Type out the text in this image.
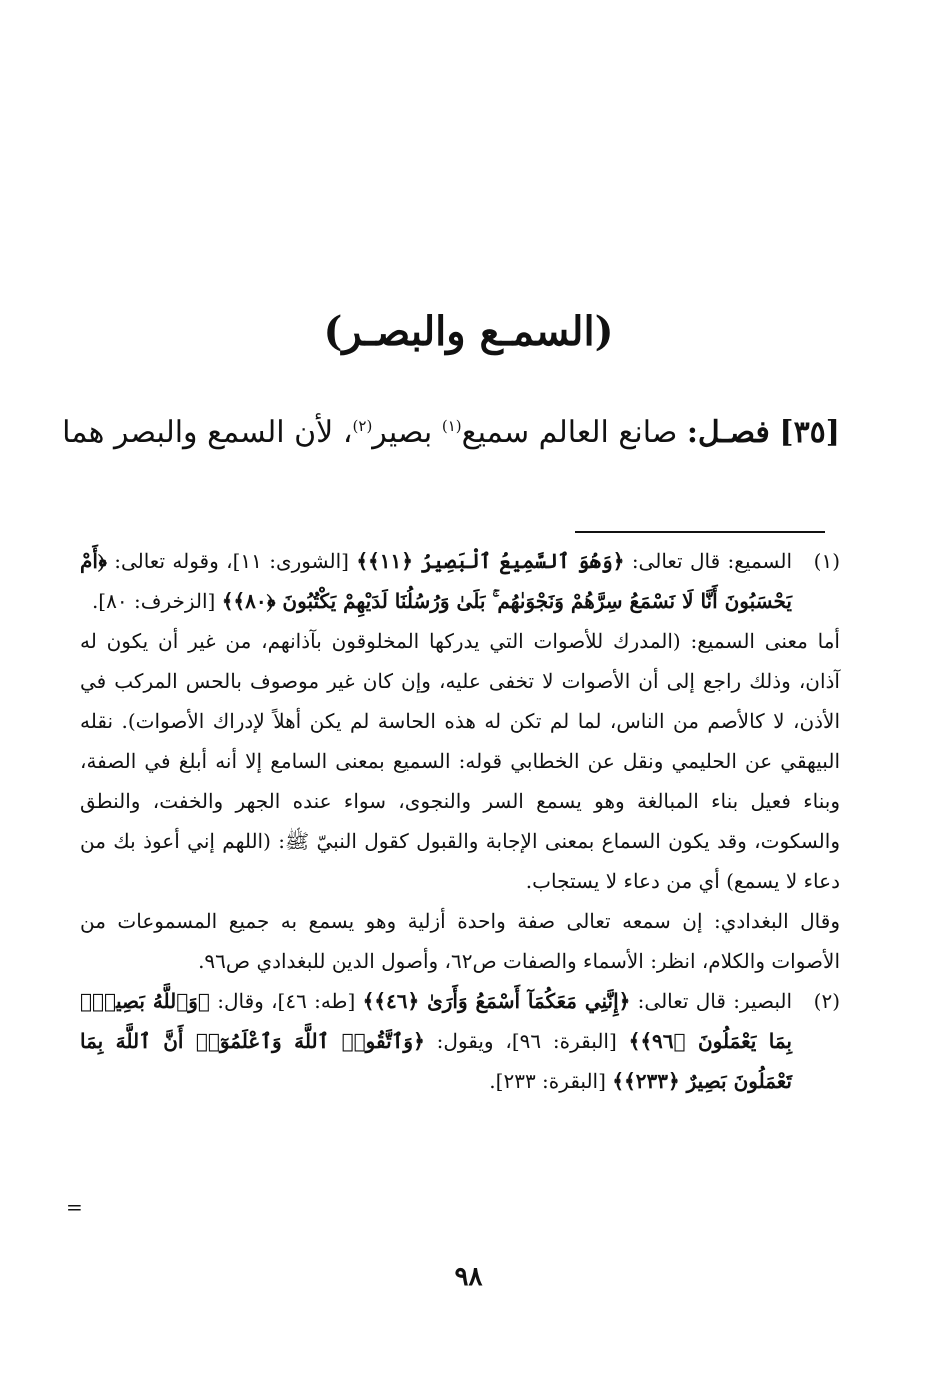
(السمـع والبصـر)
[٣٥] فصـل: صانع العالم سميع$^{(١)}$ بصير$^{(٢)}$، لأن السمع والبصر هما
(١)
السميع: قال تعالى: ﴿وَهُوَ ٱلسَّمِيعُ ٱلْبَصِيرُ ﴿١١﴾﴾ [الشورى: ١١]، وقوله تعالى: ﴿أَمْ يَحْسَبُونَ أَنَّا لَا نَسْمَعُ سِرَّهُمْ وَنَجْوَىٰهُم ۚ بَلَىٰ وَرُسُلُنَا لَدَيْهِمْ يَكْتُبُونَ ﴿٨٠﴾﴾ [الزخرف: ٨٠].
أما معنى السميع: (المدرك للأصوات التي يدركها المخلوقون بآذانهم، من غير أن يكون له آذان، وذلك راجع إلى أن الأصوات لا تخفى عليه، وإن كان غير موصوف بالحس المركب في الأذن، لا كالأصم من الناس، لما لم تكن له هذه الحاسة لم يكن أهلاً لإدراك الأصوات). نقله البيهقي عن الحليمي ونقل عن الخطابي قوله: السميع بمعنى السامع إلا أنه أبلغ في الصفة، وبناء فعيل بناء المبالغة وهو يسمع السر والنجوى، سواء عنده الجهر والخفت، والنطق والسكوت، وقد يكون السماع بمعنى الإجابة والقبول كقول النبيّ ﷺ: (اللهم إني أعوذ بك من دعاء لا يسمع) أي من دعاء لا يستجاب.
وقال البغدادي: إن سمعه تعالى صفة واحدة أزلية وهو يسمع به جميع المسموعات من الأصوات والكلام، انظر: الأسماء والصفات ص٦٢، وأصول الدين للبغدادي ص٩٦.
(٢)
البصير: قال تعالى: ﴿إِنَّنِي مَعَكُمَآ أَسْمَعُ وَأَرَىٰ ﴿٤٦﴾﴾ [طه: ٤٦]، وقال: ﴿وَٱللَّهُ بَصِيرٌۢ بِمَا يَعْمَلُونَ ﴿٩٦﴾﴾ [البقرة: ٩٦]، ويقول: ﴿وَٱتَّقُوا۟ ٱللَّهَ وَٱعْلَمُوٓا۟ أَنَّ ٱللَّهَ بِمَا تَعْمَلُونَ بَصِيرٌ ﴿٢٣٣﴾﴾ [البقرة: ٢٣٣].
=
٩٨
